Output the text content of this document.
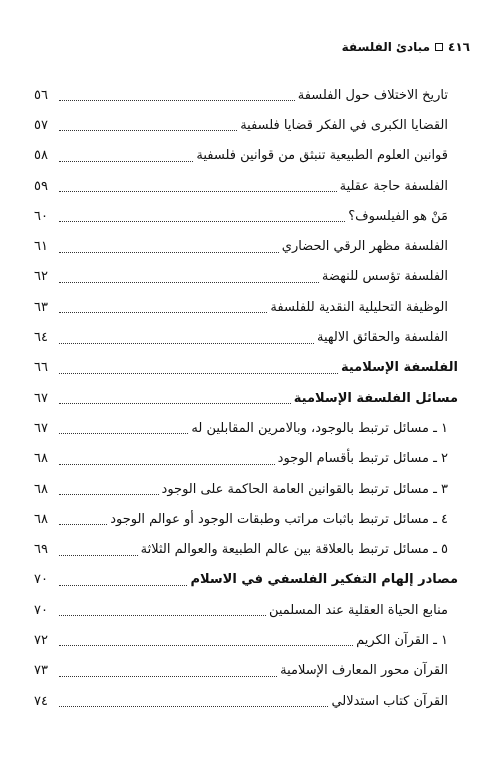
٤١٦
مبادئ الفلسفة
تاريخ الاختلاف حول الفلسفة
٥٦
القضايا الكبرى في الفكر قضايا فلسفية
٥٧
قوانين العلوم الطبيعية تنبثق من قوانين فلسفية
٥٨
الفلسفة حاجة عقلية
٥٩
مَنْ هو الفيلسوف؟
٦٠
الفلسفة مظهر الرقي الحضاري
٦١
الفلسفة تؤسس للنهضة
٦٢
الوظيفة التحليلية النقدية للفلسفة
٦٣
الفلسفة والحقائق الالهية
٦٤
الفلسفة الإسلامية
٦٦
مسائل الفلسفة الإسلامية
٦٧
١ ـ مسائل ترتبط بالوجود، وبالامرين المقابلين له
٦٧
٢ ـ مسائل ترتبط بأقسام الوجود
٦٨
٣ ـ مسائل ترتبط بالقوانين العامة الحاكمة على الوجود
٦٨
٤ ـ مسائل ترتبط باثبات مراتب وطبقات الوجود أو عوالم الوجود
٦٨
٥ ـ مسائل ترتبط بالعلاقة بين عالم الطبيعة والعوالم الثلاثة
٦٩
مصادر إلهام التفكير الفلسفي في الاسلام
٧٠
منابع الحياة العقلية عند المسلمين
٧٠
١ ـ القرآن الكريم
٧٢
القرآن محور المعارف الإسلامية
٧٣
القرآن كتاب استدلالي
٧٤
